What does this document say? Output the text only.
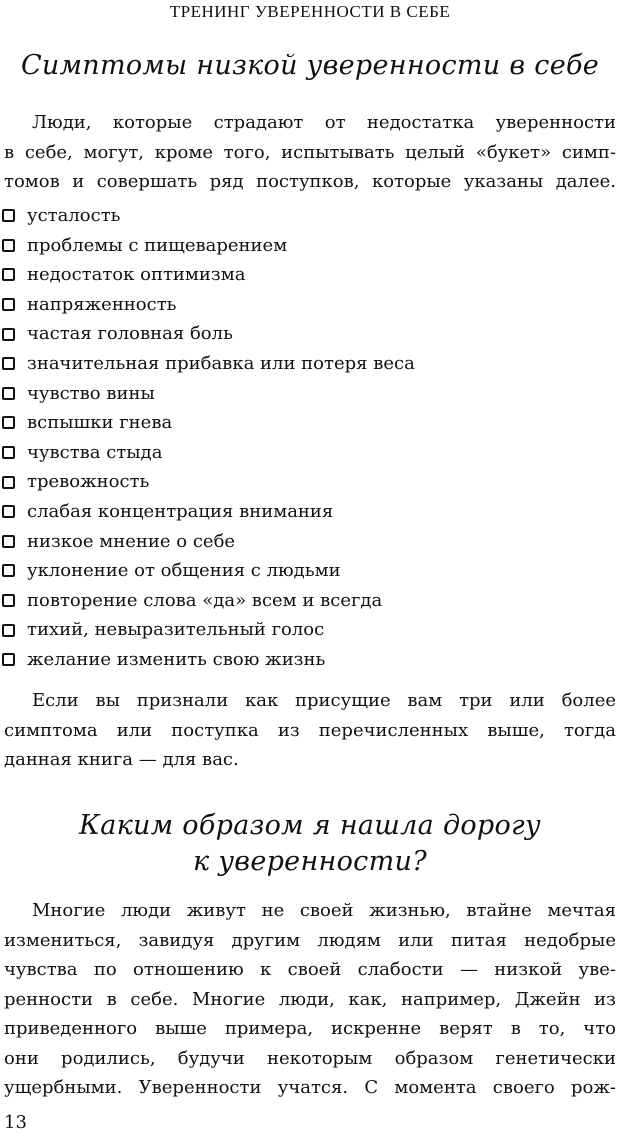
ТРЕНИНГ УВЕРЕННОСТИ В СЕБЕ
Симптомы низкой уверенности в себе
Люди, которые страдают от недостатка уверенности
в себе, могут, кроме того, испытывать целый «букет» симп-
томов и совершать ряд поступков, которые указаны далее.
усталость
проблемы с пищеварением
недостаток оптимизма
напряженность
частая головная боль
значительная прибавка или потеря веса
чувство вины
вспышки гнева
чувства стыда
тревожность
слабая концентрация внимания
низкое мнение о себе
уклонение от общения с людьми
повторение слова «да» всем и всегда
тихий, невыразительный голос
желание изменить свою жизнь
Если вы признали как присущие вам три или более
симптома или поступка из перечисленных выше, тогда
данная книга — для вас.
Каким образом я нашла дорогу
к уверенности?
Многие люди живут не своей жизнью, втайне мечтая
измениться, завидуя другим людям или питая недобрые
чувства по отношению к своей слабости — низкой уве-
ренности в себе. Многие люди, как, например, Джейн из
приведенного выше примера, искренне верят в то, что
они родились, будучи некоторым образом генетически
ущербными. Уверенности учатся. С момента своего рож-
13
